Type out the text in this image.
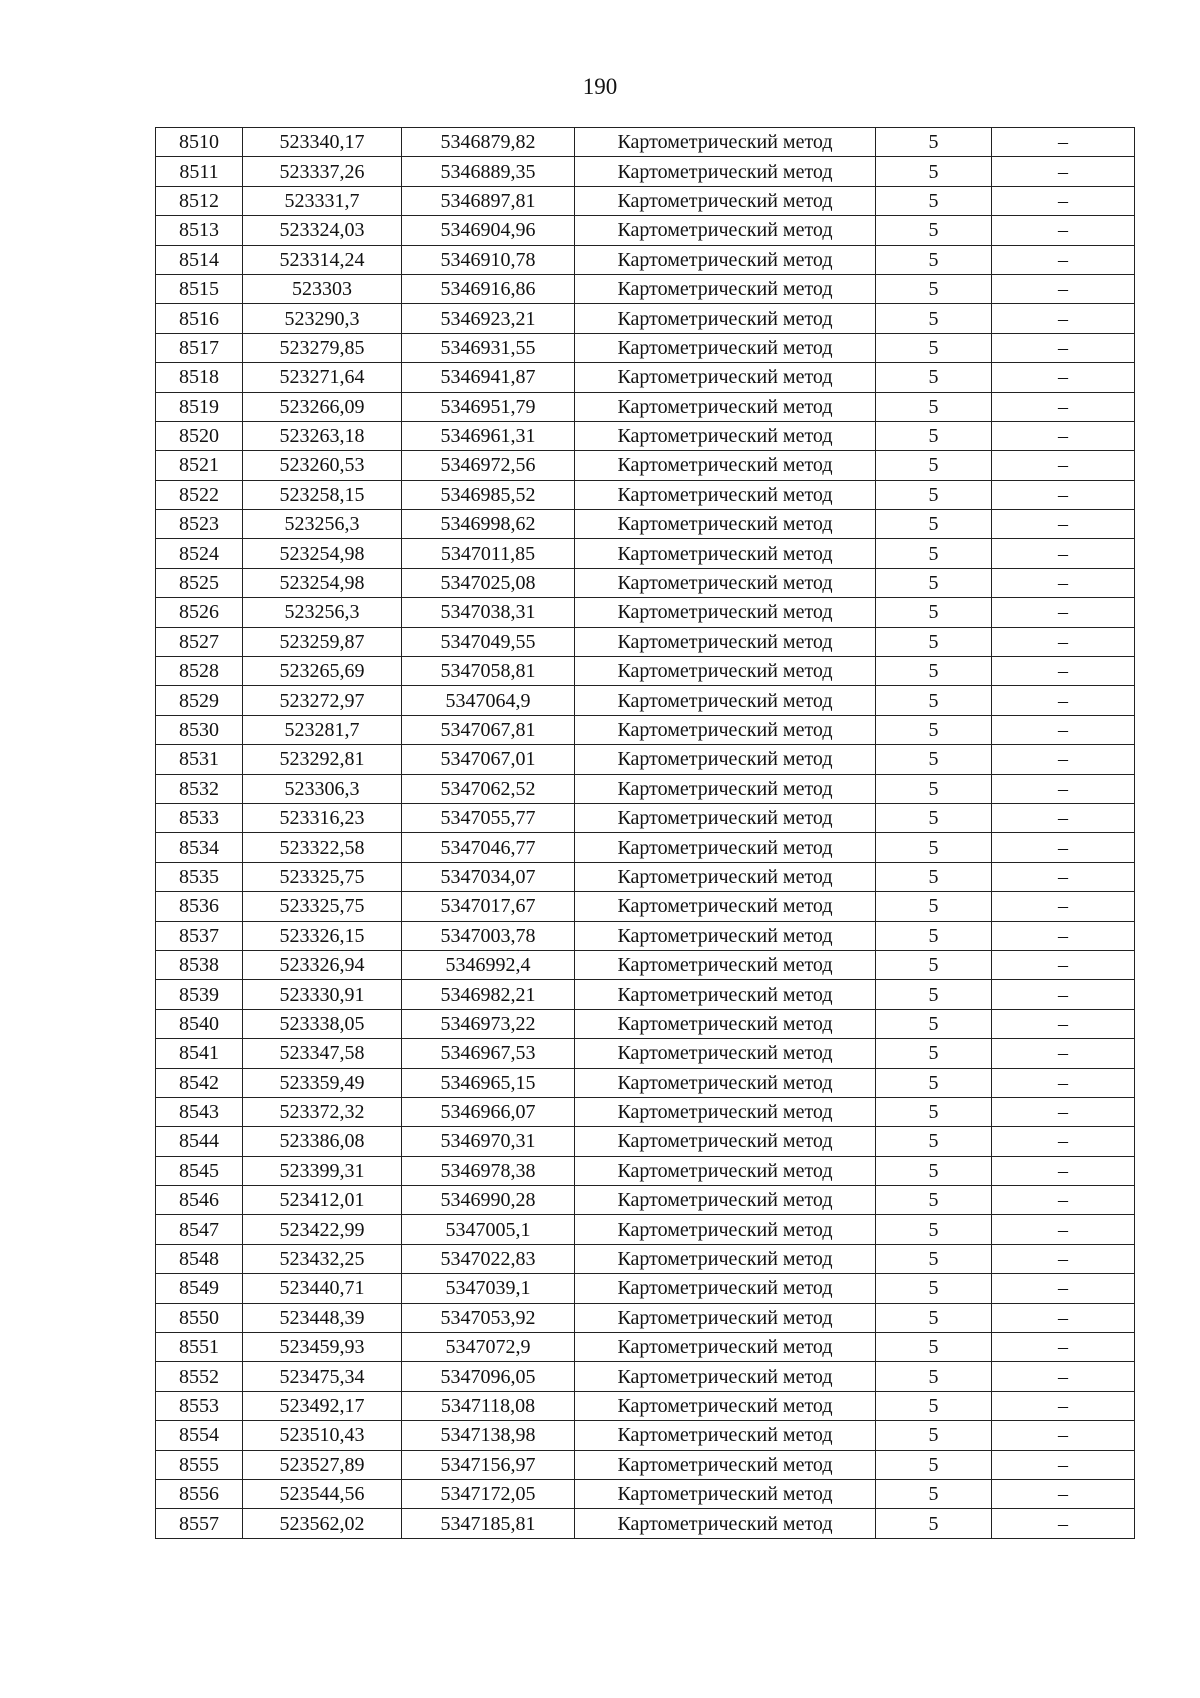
190
8510	523340,17	5346879,82	Картометрический метод	5	–
8511	523337,26	5346889,35	Картометрический метод	5	–
8512	523331,7	5346897,81	Картометрический метод	5	–
8513	523324,03	5346904,96	Картометрический метод	5	–
8514	523314,24	5346910,78	Картометрический метод	5	–
8515	523303	5346916,86	Картометрический метод	5	–
8516	523290,3	5346923,21	Картометрический метод	5	–
8517	523279,85	5346931,55	Картометрический метод	5	–
8518	523271,64	5346941,87	Картометрический метод	5	–
8519	523266,09	5346951,79	Картометрический метод	5	–
8520	523263,18	5346961,31	Картометрический метод	5	–
8521	523260,53	5346972,56	Картометрический метод	5	–
8522	523258,15	5346985,52	Картометрический метод	5	–
8523	523256,3	5346998,62	Картометрический метод	5	–
8524	523254,98	5347011,85	Картометрический метод	5	–
8525	523254,98	5347025,08	Картометрический метод	5	–
8526	523256,3	5347038,31	Картометрический метод	5	–
8527	523259,87	5347049,55	Картометрический метод	5	–
8528	523265,69	5347058,81	Картометрический метод	5	–
8529	523272,97	5347064,9	Картометрический метод	5	–
8530	523281,7	5347067,81	Картометрический метод	5	–
8531	523292,81	5347067,01	Картометрический метод	5	–
8532	523306,3	5347062,52	Картометрический метод	5	–
8533	523316,23	5347055,77	Картометрический метод	5	–
8534	523322,58	5347046,77	Картометрический метод	5	–
8535	523325,75	5347034,07	Картометрический метод	5	–
8536	523325,75	5347017,67	Картометрический метод	5	–
8537	523326,15	5347003,78	Картометрический метод	5	–
8538	523326,94	5346992,4	Картометрический метод	5	–
8539	523330,91	5346982,21	Картометрический метод	5	–
8540	523338,05	5346973,22	Картометрический метод	5	–
8541	523347,58	5346967,53	Картометрический метод	5	–
8542	523359,49	5346965,15	Картометрический метод	5	–
8543	523372,32	5346966,07	Картометрический метод	5	–
8544	523386,08	5346970,31	Картометрический метод	5	–
8545	523399,31	5346978,38	Картометрический метод	5	–
8546	523412,01	5346990,28	Картометрический метод	5	–
8547	523422,99	5347005,1	Картометрический метод	5	–
8548	523432,25	5347022,83	Картометрический метод	5	–
8549	523440,71	5347039,1	Картометрический метод	5	–
8550	523448,39	5347053,92	Картометрический метод	5	–
8551	523459,93	5347072,9	Картометрический метод	5	–
8552	523475,34	5347096,05	Картометрический метод	5	–
8553	523492,17	5347118,08	Картометрический метод	5	–
8554	523510,43	5347138,98	Картометрический метод	5	–
8555	523527,89	5347156,97	Картометрический метод	5	–
8556	523544,56	5347172,05	Картометрический метод	5	–
8557	523562,02	5347185,81	Картометрический метод	5	–
